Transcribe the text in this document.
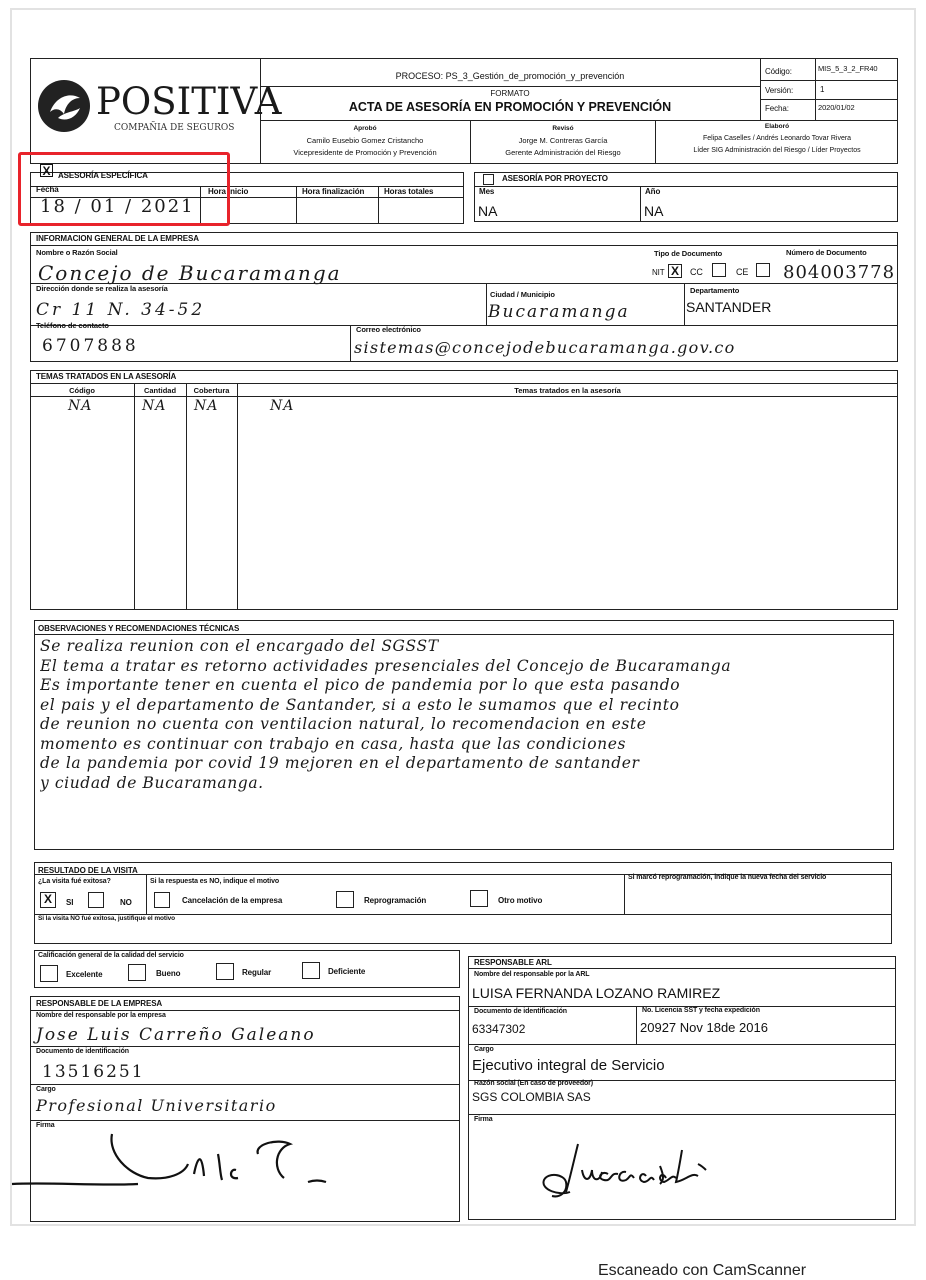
POSITIVA
COMPAÑIA DE SEGUROS
PROCESO: PS_3_Gestión_de_promoción_y_prevención
FORMATO
ACTA DE ASESORÍA EN PROMOCIÓN Y PREVENCIÓN
Código:	MIS_5_3_2_FR40
Versión:	1
Fecha:	2020/01/02
Aprobó
Camilo Eusebio Gomez Cristancho
Vicepresidente de Promoción y Prevención
Revisó
Jorge M. Contreras García
Gerente Administración del Riesgo
Elaboró
Felipa Caselles / Andrés Leonardo Tovar Rivera
Líder SIG Administración del Riesgo / Líder Proyectos
X ASESORÍA ESPECÍFICA
Fecha
18 / 01 / 2021
Hora inicio	Hora finalización Horas totales
ASESORÍA POR PROYECTO
Mes
NA
Año
NA
INFORMACION GENERAL DE LA EMPRESA
Nombre o Razón Social
Concejo de Bucaramanga
Tipo de Documento
NIT X	CC	CE
Número de Documento
804003778
Dirección donde se realiza la asesoría
Cr 11 N. 34-52
Ciudad / Municipio
Bucaramanga
Departamento
SANTANDER
Teléfono de contacto
6707888
Correo electrónico
sistemas@concejodebucaramanga.gov.co
TEMAS TRATADOS EN LA ASESORÍA
Código	Cantidad	Cobertura	Temas tratados en la asesoría
NA	NA NA	NA
OBSERVACIONES Y RECOMENDACIONES TÉCNICAS
Se realiza reunion con el encargado del SGSST
El tema a tratar es retorno actividades presenciales del Concejo de Bucaramanga
Es importante tener en cuenta el pico de pandemia por lo que esta pasando
el pais y el departamento de Santander, si a esto le sumamos que el recinto
de reunion no cuenta con ventilacion natural, lo recomendacion en este
momento es continuar con trabajo en casa, hasta que las condiciones
de la pandemia por covid 19 mejoren en el departamento de santander
y ciudad de Bucaramanga.
RESULTADO DE LA VISITA
¿La visita fué exitosa?
X	SI	NO
Si la respuesta es NO, indique el motivo
Cancelación de la empresa	Reprogramación	Otro motivo
Si marcó reprogramación, indique la nueva fecha del servicio
Si la visita NO fué exitosa, justifique el motivo
Calificación general de la calidad del servicio
Excelente	Bueno	Regular	Deficiente
RESPONSABLE ARL
Nombre del responsable por la ARL
LUISA FERNANDA LOZANO RAMIREZ
Documento de identificación
63347302
No. Licencia SST y fecha expedición
20927 Nov 18de 2016
Cargo
Ejecutivo integral de Servicio
Razón social (En caso de proveedor)
SGS COLOMBIA SAS
Firma
RESPONSABLE DE LA EMPRESA
Nombre del responsable por la empresa
Jose Luis Carreño Galeano
Documento de identificación
13516251
Cargo
Profesional Universitario
Firma
Escaneado con CamScanner
